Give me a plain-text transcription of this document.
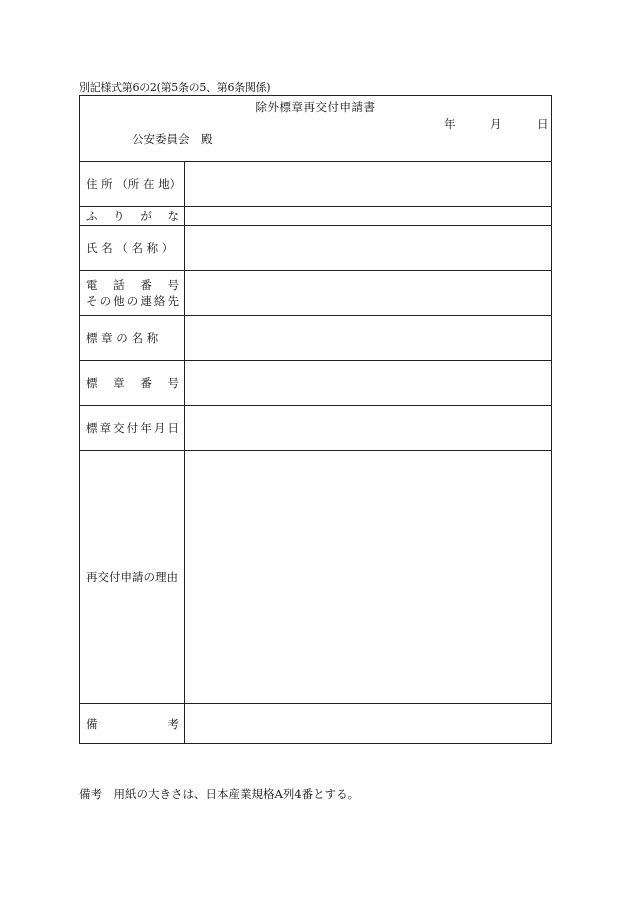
別記様式第6の2(第5条の5、第6条関係)
除外標章再交付申請書
年	月	日
公安委員会　殿
住 所 （所 在 地）
ふ　り　が　な
氏 名 （ 名 称 ）
電　話　番　号
その他の連絡先
標 章 の 名 称
標　章　番　号
標章交付年月日
再交付申請の理由
備　　　　　考
備考　用紙の大きさは、日本産業規格A列4番とする。
